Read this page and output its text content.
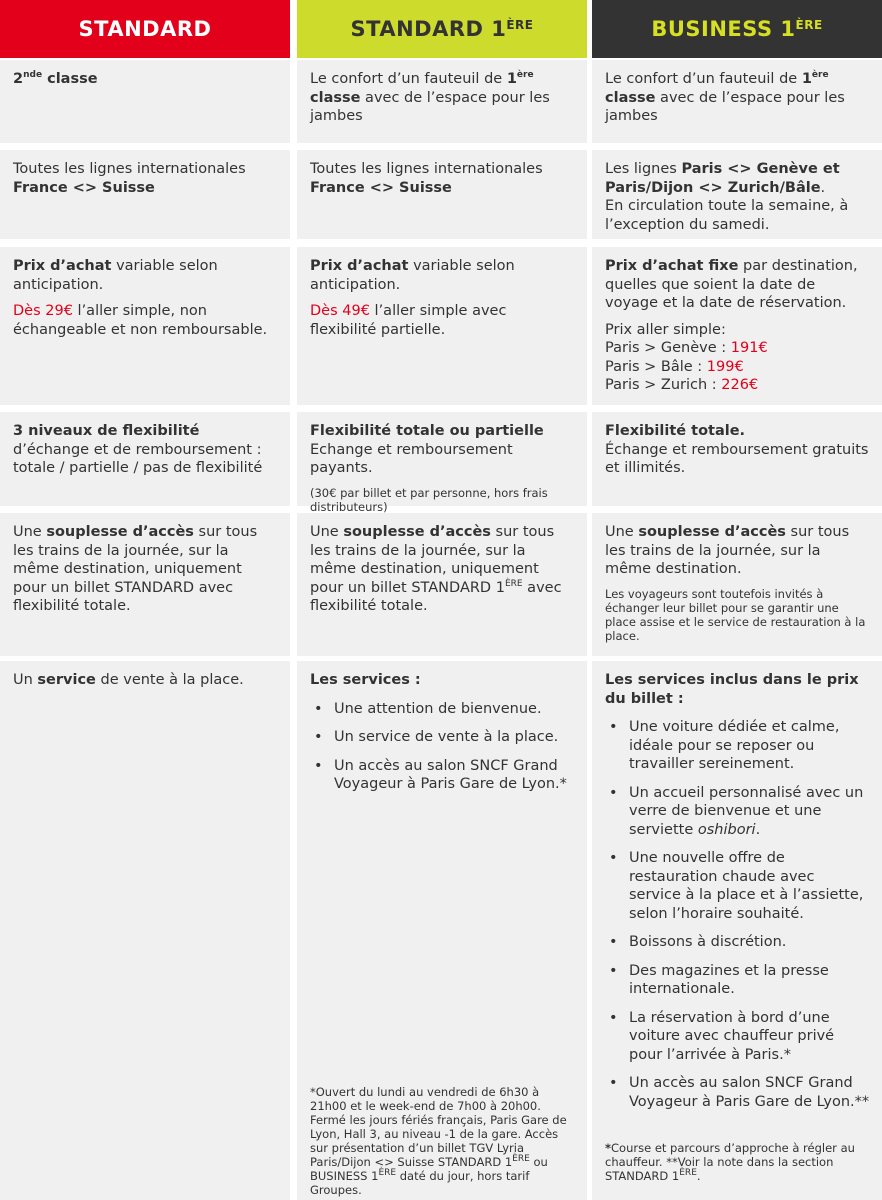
STANDARD

2nde classe

Toutes les lignes internationales

France <> Suisse

Prix d’achat variable selon anticipation.

Dès 29€ l’aller simple, non échangeable et non remboursable.

3 niveaux de flexibilité d’échange et de remboursement : totale / partielle / pas de flexibilité

Une souplesse d’accès sur tous les trains de la journée, sur la même destination, uniquement pour un billet STANDARD avec flexibilité totale.

Un service de vente à la place.

STANDARD 1ÈRE

Le confort d’un fauteuil de 1ère
classe avec de l’espace pour les jambes

Toutes les lignes internationales

France <> Suisse

Prix d’achat variable selon anticipation.

Dès 49€ l’aller simple avec flexibilité partielle.

Flexibilité totale ou partielle

Echange et remboursement payants.

(30€ par billet et par personne, hors frais distributeurs)

Une souplesse d’accès sur tous les trains de la journée, sur la même destination, uniquement pour un billet STANDARD 1ÈRE avec flexibilité totale.

Les services :

• Une attention de bienvenue.
• Un service de vente à la place.
• Un accès au salon SNCF Grand Voyageur à Paris Gare de Lyon.*

*Ouvert du lundi au vendredi de 6h30 à 21h00 et le week-end de 7h00 à 20h00. Fermé les jours fériés français, Paris Gare de Lyon, Hall 3, au niveau -1 de la gare. Accès sur présentation d’un billet TGV Lyria Paris/Dijon <> Suisse STANDARD 1ÈRE ou BUSINESS 1ÈRE daté du jour, hors tarif Groupes.

BUSINESS 1ÈRE

Le confort d’un fauteuil de 1ère
classe avec de l’espace pour les jambes

Les lignes Paris <> Genève et Paris/Dijon <> Zurich/Bâle.

En circulation toute la semaine, à l’exception du samedi.

Prix d’achat fixe par destination, quelles que soient la date de voyage et la date de réservation.

Prix aller simple:

Paris > Genève : 191€

Paris > Bâle : 199€

Paris > Zurich : 226€

Flexibilité totale.

Échange et remboursement gratuits et illimités.

Une souplesse d’accès sur tous les trains de la journée, sur la même destination.

Les voyageurs sont toutefois invités à échanger leur billet pour se garantir une place assise et le service de restauration à la place.

Les services inclus dans le prix du billet :

• Une voiture dédiée et calme, idéale pour se reposer ou travailler sereinement.
• Un accueil personnalisé avec un verre de bienvenue et une serviette oshibori.
• Une nouvelle offre de restauration chaude avec service à la place et à l’assiette, selon l’horaire souhaité.
• Boissons à discrétion.
• Des magazines et la presse internationale.
• La réservation à bord d’une voiture avec chauffeur privé pour l’arrivée à Paris.*
• Un accès au salon SNCF Grand Voyageur à Paris Gare de Lyon.**

*Course et parcours d’approche à régler au chauffeur. **Voir la note dans la section STANDARD 1ÈRE.
